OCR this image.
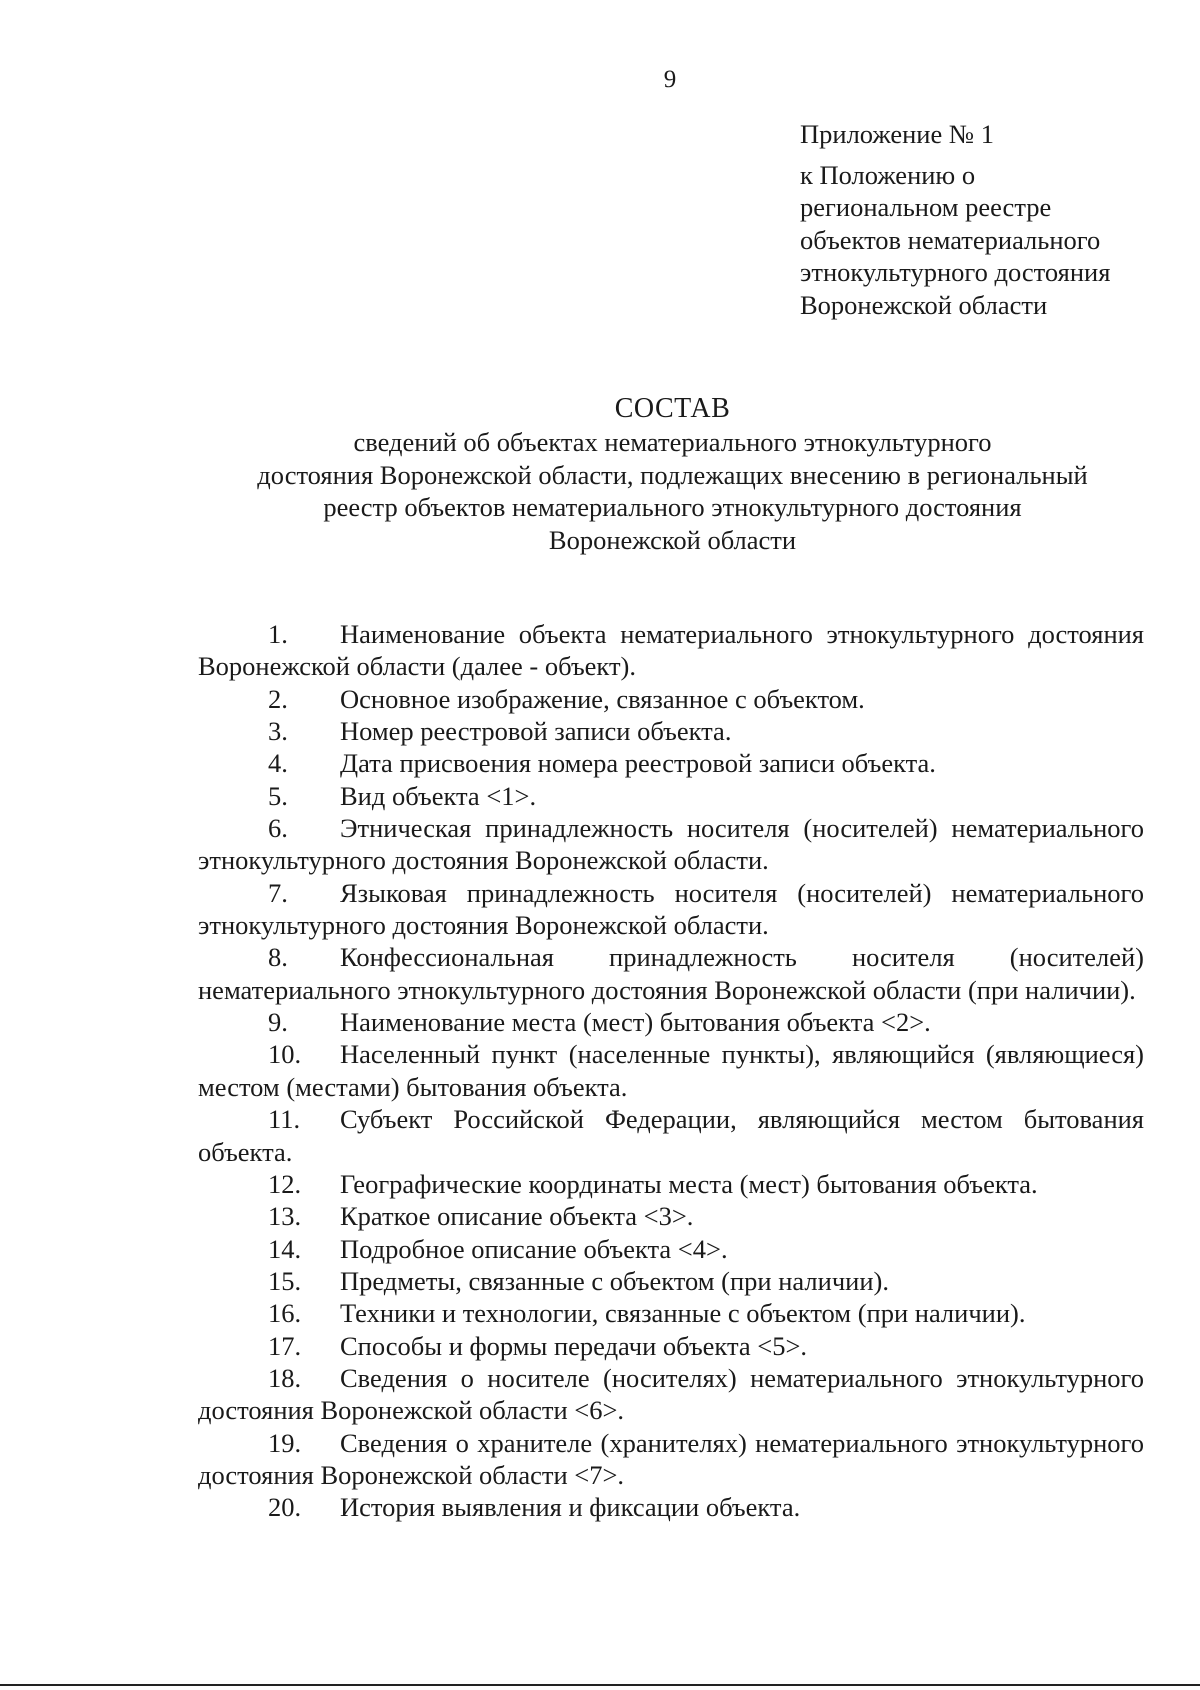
9

Приложение № 1

к Положению о

региональном реестре

объектов нематериального

этнокультурного достояния

Воронежской области

СОСТАВ

сведений об объектах нематериального этнокультурного

достояния Воронежской области, подлежащих внесению в региональный

реестр объектов нематериального этнокультурного достояния

Воронежской области

1. Наименование объекта нематериального этнокультурного достояния Воронежской области (далее - объект).
2. Основное изображение, связанное с объектом.
3. Номер реестровой записи объекта.
4. Дата присвоения номера реестровой записи объекта.
5. Вид объекта <1>.
6. Этническая принадлежность носителя (носителей) нематериального этнокультурного достояния Воронежской области.
7. Языковая принадлежность носителя (носителей) нематериального этнокультурного достояния Воронежской области.
8. Конфессиональная принадлежность носителя (носителей) нематериального этнокультурного достояния Воронежской области (при наличии).
9. Наименование места (мест) бытования объекта <2>.
10. Населенный пункт (населенные пункты), являющийся (являющиеся) местом (местами) бытования объекта.
11. Субъект Российской Федерации, являющийся местом бытования объекта.
12. Географические координаты места (мест) бытования объекта.
13. Краткое описание объекта <3>.
14. Подробное описание объекта <4>.
15. Предметы, связанные с объектом (при наличии).
16. Техники и технологии, связанные с объектом (при наличии).
17. Способы и формы передачи объекта <5>.
18. Сведения о носителе (носителях) нематериального этнокультурного достояния Воронежской области <6>.
19. Сведения о хранителе (хранителях) нематериального этнокультурного достояния Воронежской области <7>.
20. История выявления и фиксации объекта.
